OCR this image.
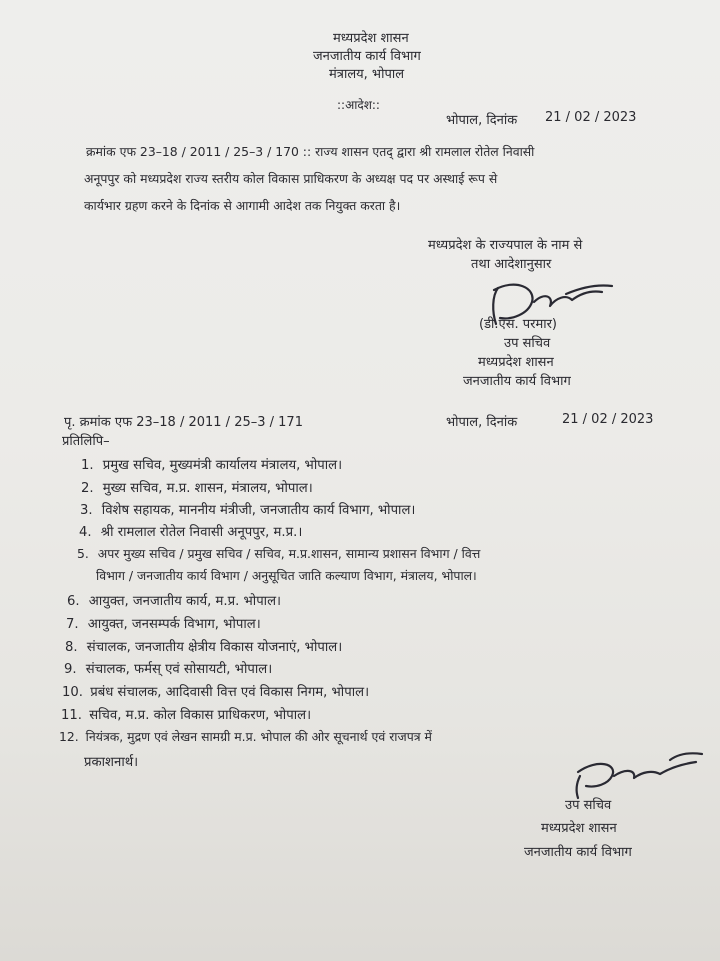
मध्यप्रदेश शासन
जनजातीय कार्य विभाग
मंत्रालय, भोपाल
::आदेश::
भोपाल, दिनांक 21 / 02 / 2023
क्रमांक एफ 23–18 / 2011 / 25–3 / 170 :: राज्य शासन एतद् द्वारा श्री रामलाल रोतेल निवासी
अनूपपुर को मध्यप्रदेश राज्य स्तरीय कोल विकास प्राधिकरण के अध्यक्ष पद पर अस्थाई रूप से
कार्यभार ग्रहण करने के दिनांक से आगामी आदेश तक नियुक्त करता है।
मध्यप्रदेश के राज्यपाल के नाम से
तथा आदेशानुसार
(डी.एस. परमार)
उप सचिव
मध्यप्रदेश शासन
जनजातीय कार्य विभाग
पृ. क्रमांक एफ 23–18 / 2011 / 25–3 / 171	भोपाल, दिनांक	21 / 02 / 2023
प्रतिलिपि–
1. प्रमुख सचिव, मुख्यमंत्री कार्यालय मंत्रालय, भोपाल।
2. मुख्य सचिव, म.प्र. शासन, मंत्रालय, भोपाल।
3. विशेष सहायक, माननीय मंत्रीजी, जनजातीय कार्य विभाग, भोपाल।
4. श्री रामलाल रोतेल निवासी अनूपपुर, म.प्र.।
5. अपर मुख्य सचिव / प्रमुख सचिव / सचिव, म.प्र.शासन, सामान्य प्रशासन विभाग / वित्त
विभाग / जनजातीय कार्य विभाग / अनुसूचित जाति कल्याण विभाग, मंत्रालय, भोपाल।
6. आयुक्त, जनजातीय कार्य, म.प्र. भोपाल।
7. आयुक्त, जनसम्पर्क विभाग, भोपाल।
8. संचालक, जनजातीय क्षेत्रीय विकास योजनाएं, भोपाल।
9. संचालक, फर्मस् एवं सोसायटी, भोपाल।
10. प्रबंध संचालक, आदिवासी वित्त एवं विकास निगम, भोपाल।
11. सचिव, म.प्र. कोल विकास प्राधिकरण, भोपाल।
12. नियंत्रक, मुद्रण एवं लेखन सामग्री म.प्र. भोपाल की ओर सूचनार्थ एवं राजपत्र में
प्रकाशनार्थ।
उप सचिव
मध्यप्रदेश शासन
जनजातीय कार्य विभाग
